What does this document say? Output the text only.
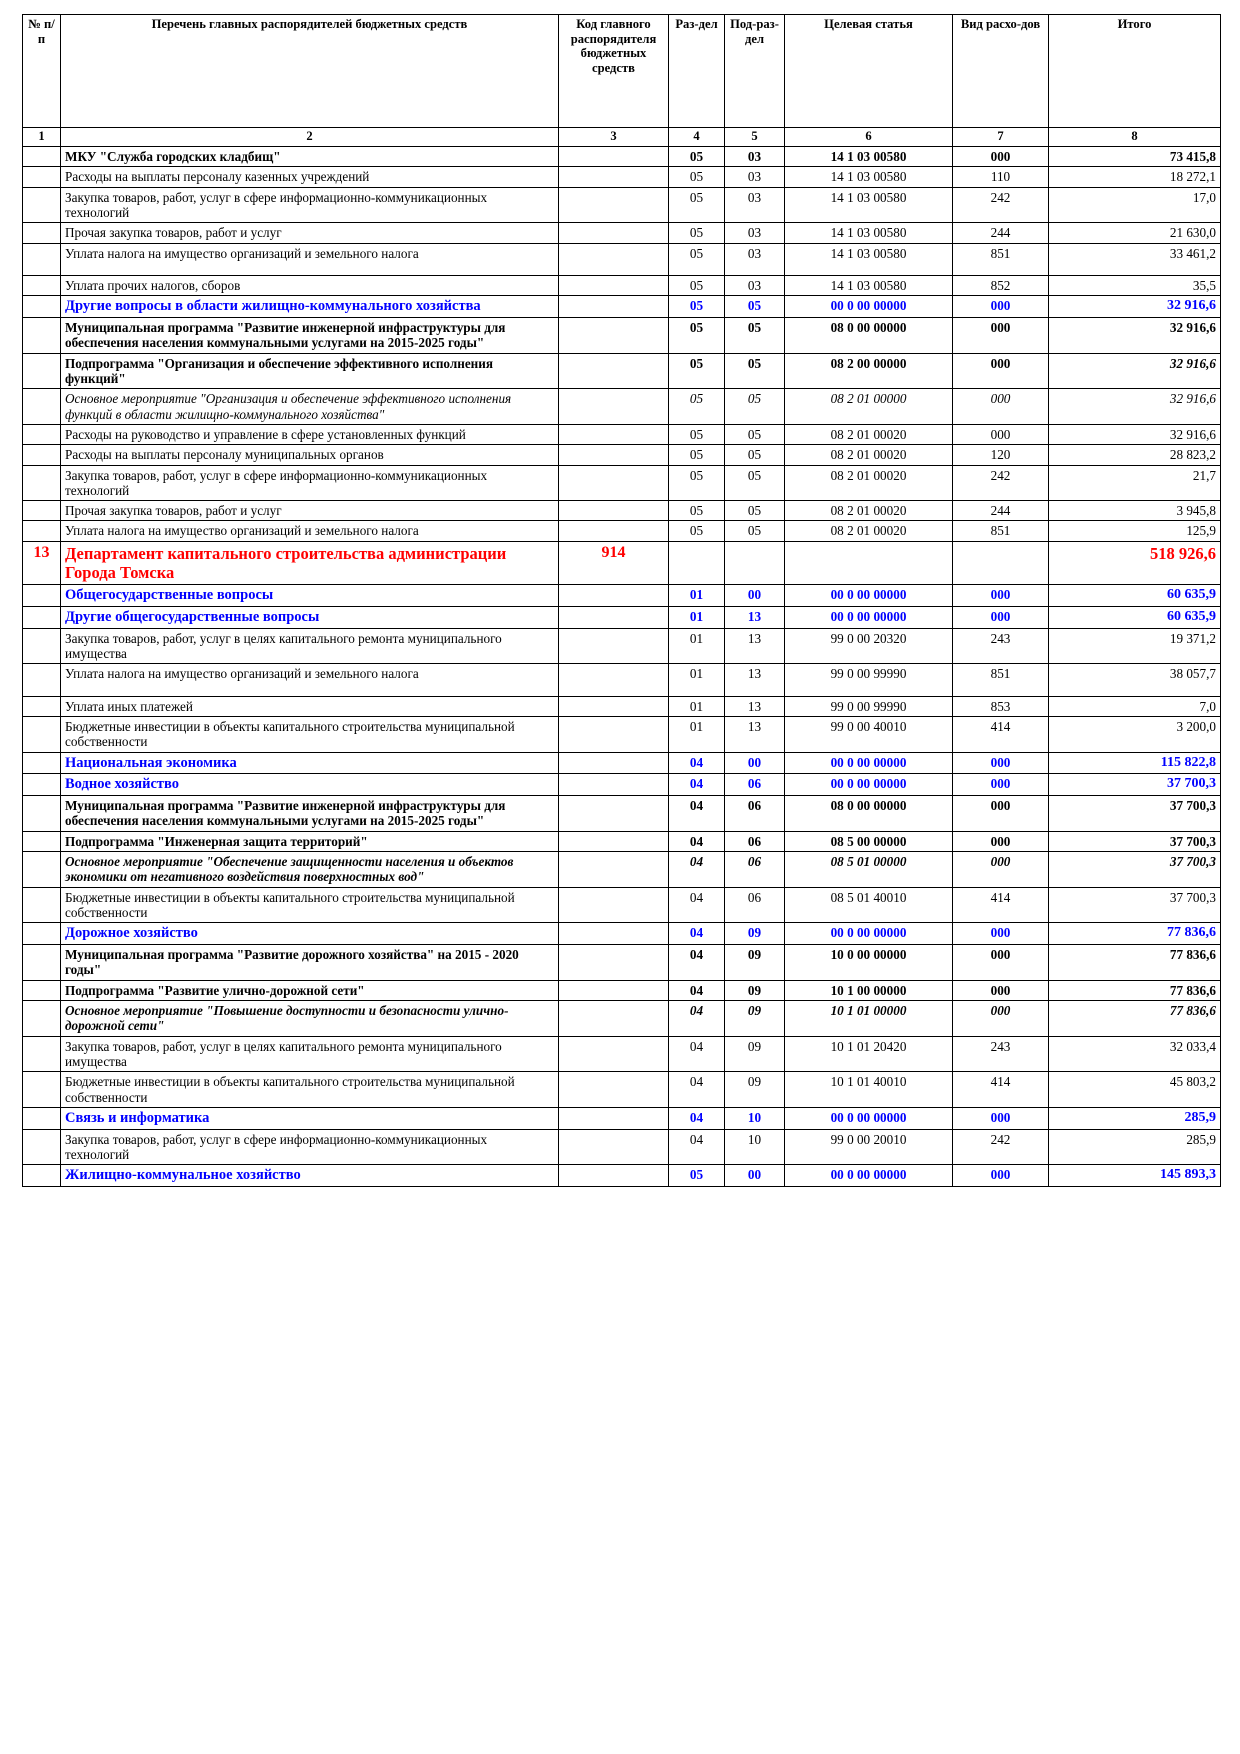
№ п/п	Перечень главных распорядителей бюджетных средств	Код главного распорядителя бюджетных средств	Раз-дел	Под-раз-дел	Целевая статья	Вид расхо-дов	Итого
1	2	3	4	5	6	7	8
	МКУ "Служба городских кладбищ"		05	03	14 1 03 00580	000	73 415,8
	Расходы на выплаты персоналу казенных учреждений		05	03	14 1 03 00580	110	18 272,1
	Закупка товаров, работ, услуг в сфере информационно-коммуникационных технологий		05	03	14 1 03 00580	242	17,0
	Прочая закупка товаров, работ и услуг		05	03	14 1 03 00580	244	21 630,0
	Уплата налога на имущество организаций и земельного налога		05	03	14 1 03 00580	851	33 461,2
	Уплата прочих налогов, сборов		05	03	14 1 03 00580	852	35,5
	Другие вопросы в области жилищно-коммунального хозяйства		05	05	00 0 00 00000	000	32 916,6
	Муниципальная программа "Развитие инженерной инфраструктуры для обеспечения населения коммунальными услугами на 2015-2025 годы"		05	05	08 0 00 00000	000	32 916,6
	Подпрограмма "Организация и обеспечение эффективного исполнения функций"		05	05	08 2 00 00000	000	32 916,6
	Основное мероприятие "Организация и обеспечение эффективного исполнения функций в области жилищно-коммунального хозяйства"		05	05	08 2 01 00000	000	32 916,6
	Расходы на руководство и управление в сфере установленных функций		05	05	08 2 01 00020	000	32 916,6
	Расходы на выплаты персоналу муниципальных органов		05	05	08 2 01 00020	120	28 823,2
	Закупка товаров, работ, услуг в сфере информационно-коммуникационных технологий		05	05	08 2 01 00020	242	21,7
	Прочая закупка товаров, работ и услуг		05	05	08 2 01 00020	244	3 945,8
	Уплата налога на имущество организаций и земельного налога		05	05	08 2 01 00020	851	125,9
13	Департамент капитального строительства администрации Города Томска	914					518 926,6
	Общегосударственные вопросы		01	00	00 0 00 00000	000	60 635,9
	Другие общегосударственные вопросы		01	13	00 0 00 00000	000	60 635,9
	Закупка товаров, работ, услуг в целях капитального ремонта муниципального имущества		01	13	99 0 00 20320	243	19 371,2
	Уплата налога на имущество организаций и земельного налога		01	13	99 0 00 99990	851	38 057,7
	Уплата иных платежей		01	13	99 0 00 99990	853	7,0
	Бюджетные инвестиции в объекты капитального строительства муниципальной собственности		01	13	99 0 00 40010	414	3 200,0
	Национальная экономика		04	00	00 0 00 00000	000	115 822,8
	Водное хозяйство		04	06	00 0 00 00000	000	37 700,3
	Муниципальная программа "Развитие инженерной инфраструктуры для обеспечения населения коммунальными услугами на 2015-2025 годы"		04	06	08 0 00 00000	000	37 700,3
	Подпрограмма "Инженерная защита территорий"		04	06	08 5 00 00000	000	37 700,3
	Основное мероприятие "Обеспечение защищенности населения и объектов экономики от негативного воздействия поверхностных вод"		04	06	08 5 01 00000	000	37 700,3
	Бюджетные инвестиции в объекты капитального строительства муниципальной собственности		04	06	08 5 01 40010	414	37 700,3
	Дорожное хозяйство		04	09	00 0 00 00000	000	77 836,6
	Муниципальная программа "Развитие дорожного хозяйства" на 2015 - 2020 годы"		04	09	10 0 00 00000	000	77 836,6
	Подпрограмма "Развитие улично-дорожной сети"		04	09	10 1 00 00000	000	77 836,6
	Основное мероприятие "Повышение доступности и безопасности улично-дорожной сети"		04	09	10 1 01 00000	000	77 836,6
	Закупка товаров, работ, услуг в целях капитального ремонта муниципального имущества		04	09	10 1 01 20420	243	32 033,4
	Бюджетные инвестиции в объекты капитального строительства муниципальной собственности		04	09	10 1 01 40010	414	45 803,2
	Связь и информатика		04	10	00 0 00 00000	000	285,9
	Закупка товаров, работ, услуг в сфере информационно-коммуникационных технологий		04	10	99 0 00 20010	242	285,9
	Жилищно-коммунальное хозяйство		05	00	00 0 00 00000	000	145 893,3
